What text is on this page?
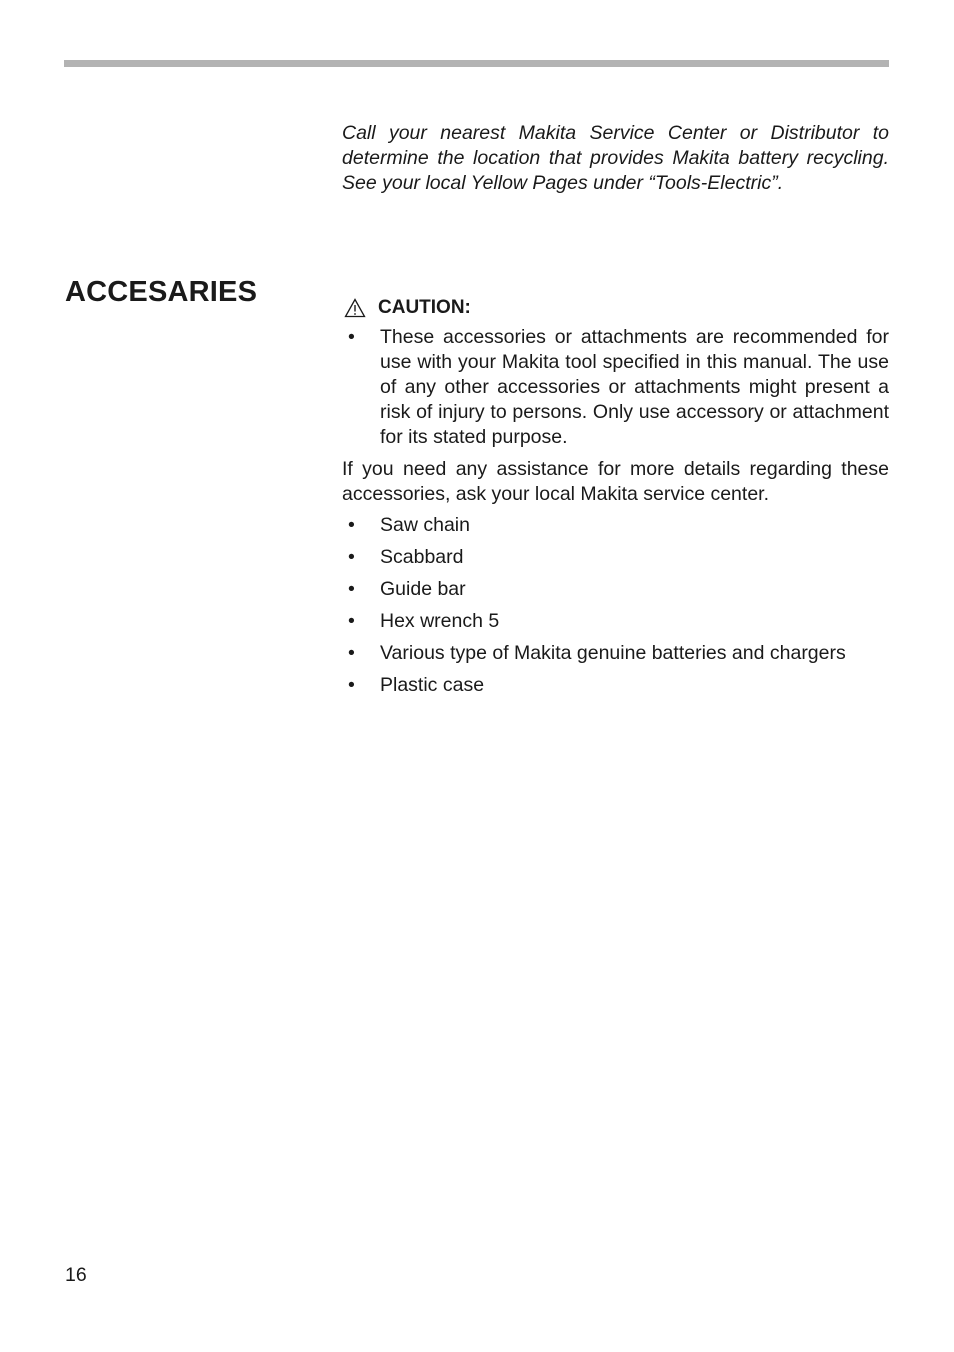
Call your nearest Makita Service Center or Distributor to determine the location that provides Makita battery recycling. See your local Yellow Pages under “Tools-Electric”.

ACCESARIES	CAUTION:

• These accessories or attachments are recommended for use with your Makita tool specified in this manual. The use of any other accessories or attachments might present a risk of injury to persons. Only use accessory or attachment for its stated purpose.

If you need any assistance for more details regarding these accessories, ask your local Makita service center.

• Saw chain

• Scabbard

• Guide bar

• Hex wrench 5

• Various type of Makita genuine batteries and chargers

• Plastic case

16
